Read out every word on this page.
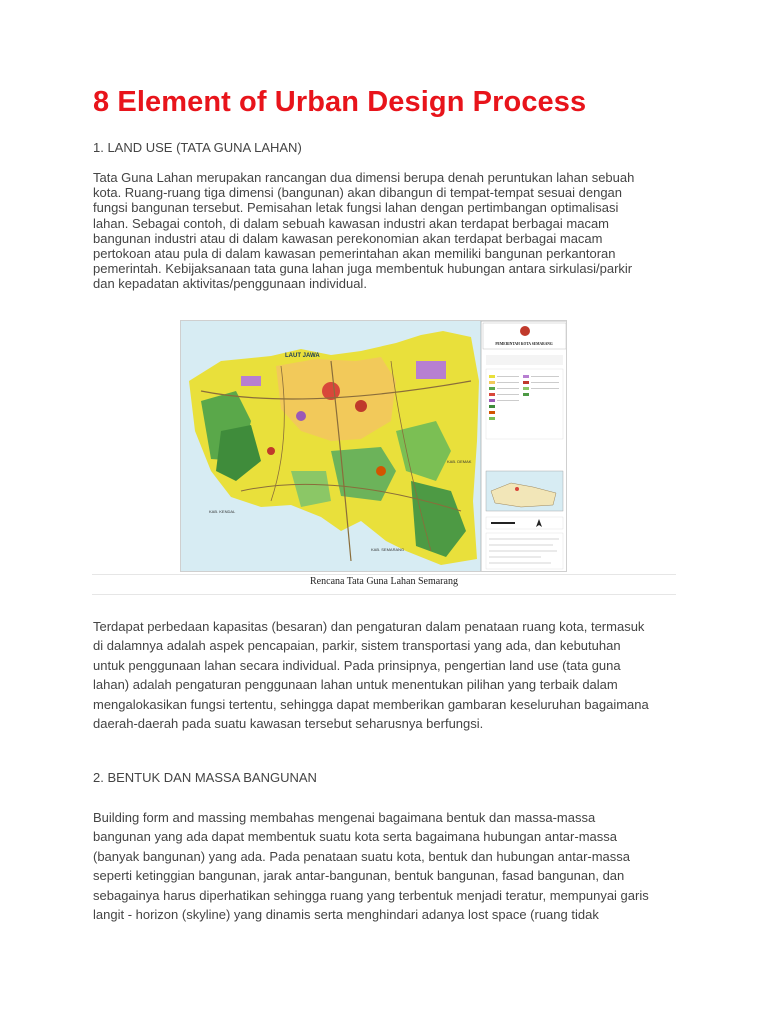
8 Element of Urban Design Process
1. LAND USE (TATA GUNA LAHAN)
Tata Guna Lahan merupakan rancangan dua dimensi berupa denah peruntukan lahan sebuah
kota. Ruang-ruang tiga dimensi (bangunan) akan dibangun di tempat-tempat sesuai dengan
fungsi bangunan tersebut. Pemisahan letak fungsi lahan dengan pertimbangan optimalisasi
lahan. Sebagai contoh, di dalam sebuah kawasan industri akan terdapat berbagai macam
bangunan industri atau di dalam kawasan perekonomian akan terdapat berbagai macam
pertokoan atau pula di dalam kawasan pemerintahan akan memiliki bangunan perkantoran
pemerintah. Kebijaksanaan tata guna lahan juga membentuk hubungan antara sirkulasi/parkir
dan kepadatan aktivitas/penggunaan individual.
LAUT JAWA
KAB. KENDAL
KAB. DEMAK
KAB. SEMARANG
PEMERINTAH KOTA SEMARANG
Rencana Tata Guna Lahan Semarang
Terdapat perbedaan kapasitas (besaran) dan pengaturan dalam penataan ruang kota, termasuk
di dalamnya adalah aspek pencapaian, parkir, sistem transportasi yang ada, dan kebutuhan
untuk penggunaan lahan secara individual. Pada prinsipnya, pengertian land use (tata guna
lahan) adalah pengaturan penggunaan lahan untuk menentukan pilihan yang terbaik dalam
mengalokasikan fungsi tertentu, sehingga dapat memberikan gambaran keseluruhan bagaimana
daerah-daerah pada suatu kawasan tersebut seharusnya berfungsi.
2. BENTUK DAN MASSA BANGUNAN
Building form and massing membahas mengenai bagaimana bentuk dan massa-massa
bangunan yang ada dapat membentuk suatu kota serta bagaimana hubungan antar-massa
(banyak bangunan) yang ada. Pada penataan suatu kota, bentuk dan hubungan antar-massa
seperti ketinggian bangunan, jarak antar-bangunan, bentuk bangunan, fasad bangunan, dan
sebagainya harus diperhatikan sehingga ruang yang terbentuk menjadi teratur, mempunyai garis
langit - horizon (skyline) yang dinamis serta menghindari adanya lost space (ruang tidak
